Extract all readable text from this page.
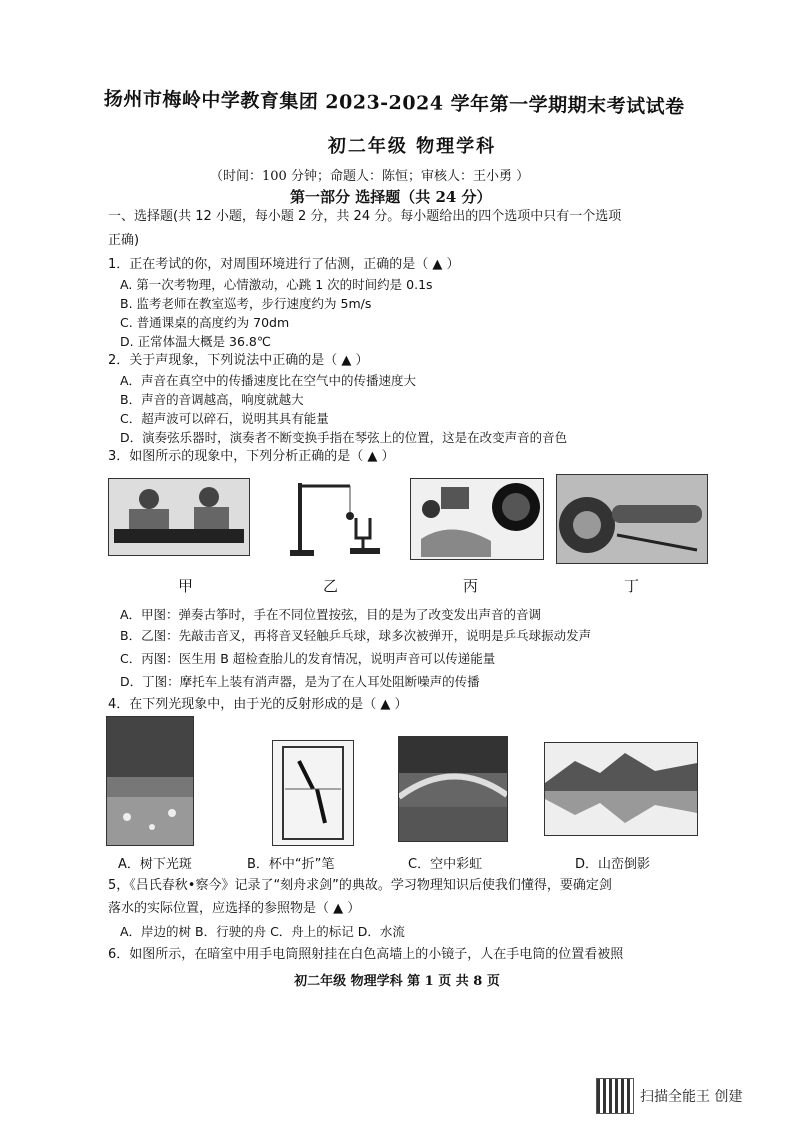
扬州市梅岭中学教育集团 2023-2024 学年第一学期期末考试试卷
初二年级 物理学科
（时间：100 分钟；命题人：陈恒；审核人：王小勇 ）
第一部分 选择题（共 24 分）
一、选择题(共 12 小题，每小题 2 分，共 24 分。每小题给出的四个选项中只有一个选项
正确)
1．正在考试的你，对周围环境进行了估测，正确的是（ ▲ ）
A. 第一次考物理，心情激动，心跳 1 次的时间约是 0.1s
B. 监考老师在教室巡考，步行速度约为 5m/s
C. 普通课桌的高度约为 70dm
D. 正常体温大概是 36.8℃
2．关于声现象，下列说法中正确的是（ ▲ ）
A．声音在真空中的传播速度比在空气中的传播速度大
B．声音的音调越高，响度就越大
C．超声波可以碎石，说明其具有能量
D．演奏弦乐器时，演奏者不断变换手指在琴弦上的位置，这是在改变声音的音色
3．如图所示的现象中，下列分析正确的是（ ▲ ）
甲	乙	丙	丁
A．甲图：弹奏古筝时，手在不同位置按弦，目的是为了改变发出声音的音调
B．乙图：先敲击音叉，再将音叉轻触乒乓球，球多次被弹开，说明是乒乓球振动发声
C．丙图：医生用 B 超检查胎儿的发育情况，说明声音可以传递能量
D．丁图：摩托车上装有消声器，是为了在人耳处阻断噪声的传播
4．在下列光现象中，由于光的反射形成的是（ ▲ ）
A．树下光斑	B．杯中“折”笔	C．空中彩虹	D．山峦倒影
5，《吕氏春秋•察今》记录了“刻舟求剑”的典故。学习物理知识后使我们懂得，要确定剑
落水的实际位置，应选择的参照物是（ ▲ ）
A．岸边的树 B．行驶的舟 C．舟上的标记 D．水流
6．如图所示，在暗室中用手电筒照射挂在白色高墙上的小镜子，人在手电筒的位置看被照
初二年级 物理学科 第 1 页 共 8 页
扫描全能王 创建
